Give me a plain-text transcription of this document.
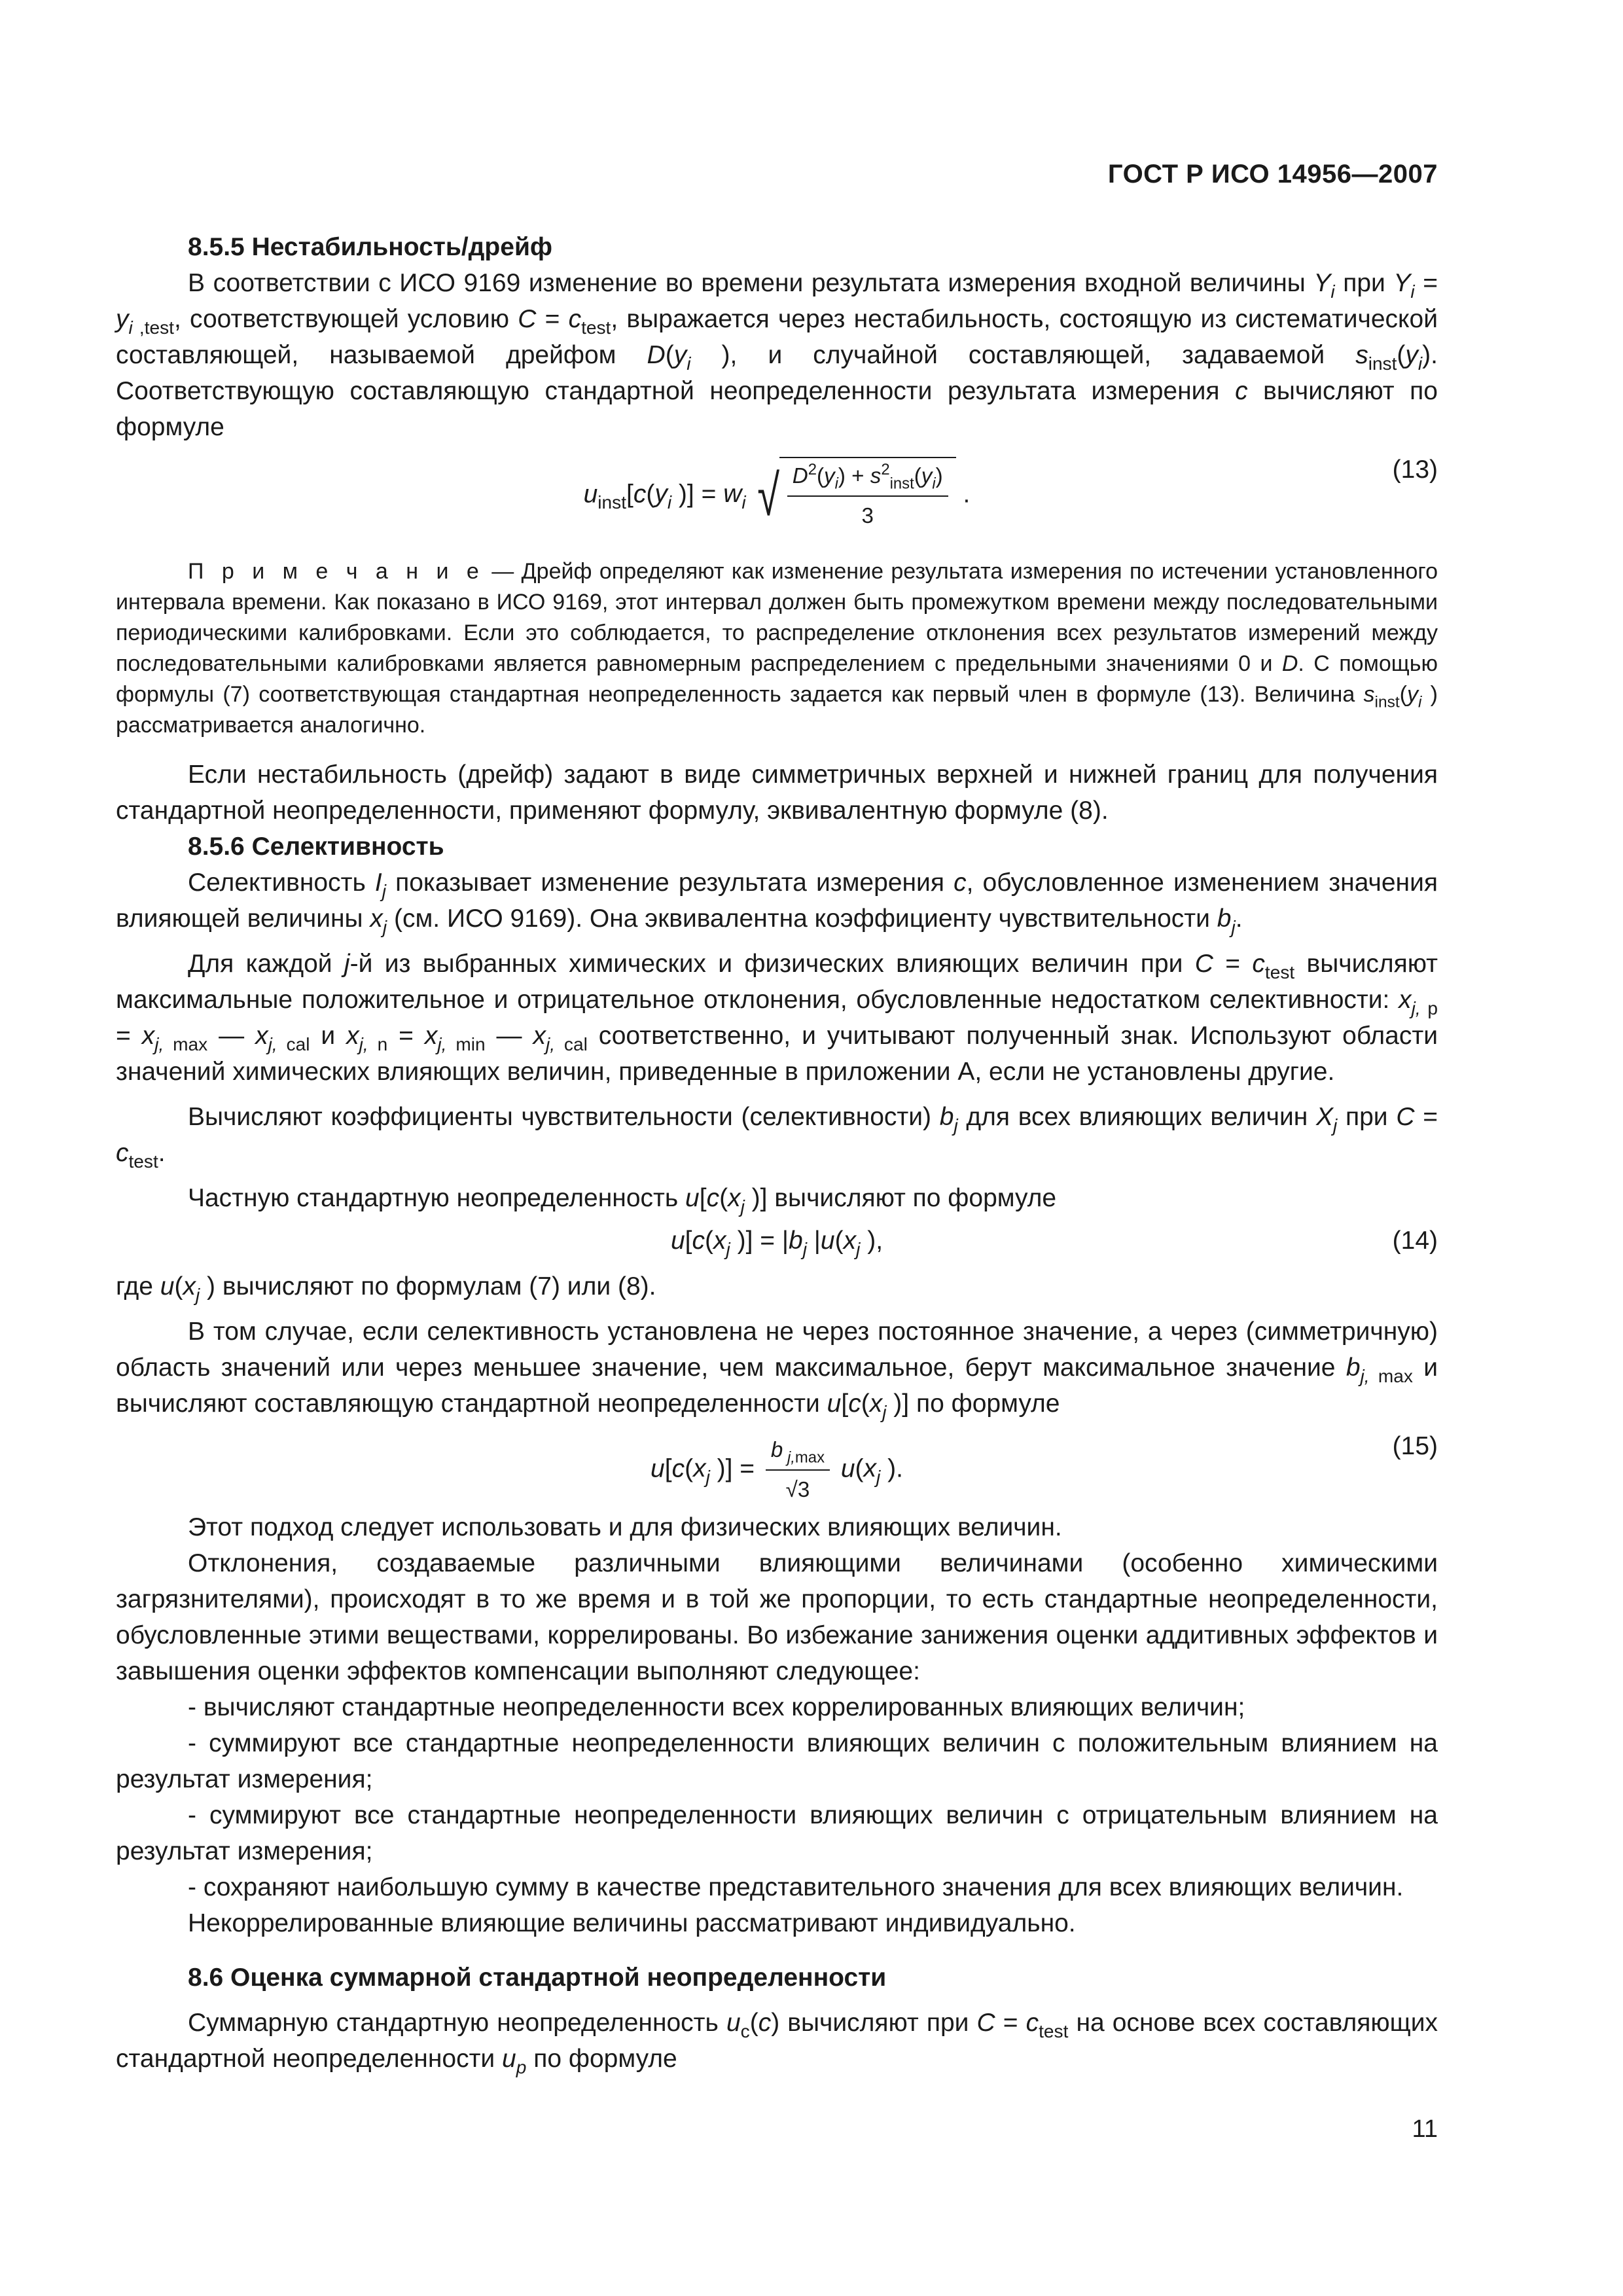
ГОСТ Р ИСО 14956—2007

8.5.5 Нестабильность/дрейф

В соответствии с ИСО 9169 изменение во времени результата измерения входной величины $Y_i$ при $Y_i = y_i$ $_{,test}$, соответствующей условию $C = c_{test}$, выражается через нестабильность, состоящую из систематической составляющей, называемой дрейфом $D(y_i$ ), и случайной составляющей, задаваемой $s_{inst}(y_i)$. Соответствующую составляющую стандартной неопределенности результата измерения c вычисляют по формуле

$u_{inst}[c(y_i$ )] = $w_i$ √ $\frac{D^2(y_i) + s^2_{inst}(y_i)}{3}$ .
(13)

П р и м е ч а н и е — Дрейф определяют как изменение результата измерения по истечении установленного интервала времени. Как показано в ИСО 9169, этот интервал должен быть промежутком времени между последовательными периодическими калибровками. Если это соблюдается, то распределение отклонения всех результатов измерений между последовательными калибровками является равномерным распределением с предельными значениями 0 и D. С помощью формулы (7) соответствующая стандартная неопределенность задается как первый член в формуле (13). Величина $s_{inst}(y_i$ ) рассматривается аналогично.

Если нестабильность (дрейф) задают в виде симметричных верхней и нижней границ для получения стандартной неопределенности, применяют формулу, эквивалентную формуле (8).

8.5.6 Селективность

Селективность $I_j$ показывает изменение результата измерения c, обусловленное изменением значения влияющей величины $x_j$ (см. ИСО 9169). Она эквивалентна коэффициенту чувствительности $b_j$.

Для каждой j-й из выбранных химических и физических влияющих величин при $C = c_{test}$ вычисляют максимальные положительное и отрицательное отклонения, обусловленные недостатком селективности: $x_{j,}$ $_p = x_{j,}$ $_{max}$ — $x_{j,}$ $_{cal}$ и $x_{j,}$ $_n = x_{j,}$ $_{min}$ — $x_{j,}$ $_{cal}$ соответственно, и учитывают полученный знак. Используют области значений химических влияющих величин, приведенные в приложении А, если не установлены другие.

Вычисляют коэффициенты чувствительности (селективности) $b_j$ для всех влияющих величин $X_j$ при $C = c_{test}$.

Частную стандартную неопределенность $u[c(x_j$ )] вычисляют по формуле

$u[c(x_j$ )] = $|b_j$ $|u(x_j$ ),	(14)

где $u(x_j$ ) вычисляют по формулам (7) или (8).

В том случае, если селективность установлена не через постоянное значение, а через (симметричную) область значений или через меньшее значение, чем максимальное, берут максимальное значение $b_{j,}$ $_{max}$ и вычисляют составляющую стандартной неопределенности $u[c(x_j$ )] по формуле

$u[c(x_j$ )] = $\frac{b _{j,max}}{√3} u(x_j$ ).
(15)

Этот подход следует использовать и для физических влияющих величин.

Отклонения, создаваемые различными влияющими величинами (особенно химическими загрязнителями), происходят в то же время и в той же пропорции, то есть стандартные неопределенности, обусловленные этими веществами, коррелированы. Во избежание занижения оценки аддитивных эффектов и завышения оценки эффектов компенсации выполняют следующее:

- вычисляют стандартные неопределенности всех коррелированных влияющих величин;

- суммируют все стандартные неопределенности влияющих величин с положительным влиянием на результат измерения;

- суммируют все стандартные неопределенности влияющих величин с отрицательным влиянием на результат измерения;

- сохраняют наибольшую сумму в качестве представительного значения для всех влияющих величин.

Некоррелированные влияющие величины рассматривают индивидуально.

8.6 Оценка суммарной стандартной неопределенности

Суммарную стандартную неопределенность $u_c(c)$ вычисляют при $C = c_{test}$ на основе всех составляющих стандартной неопределенности $u_p$ по формуле

11
